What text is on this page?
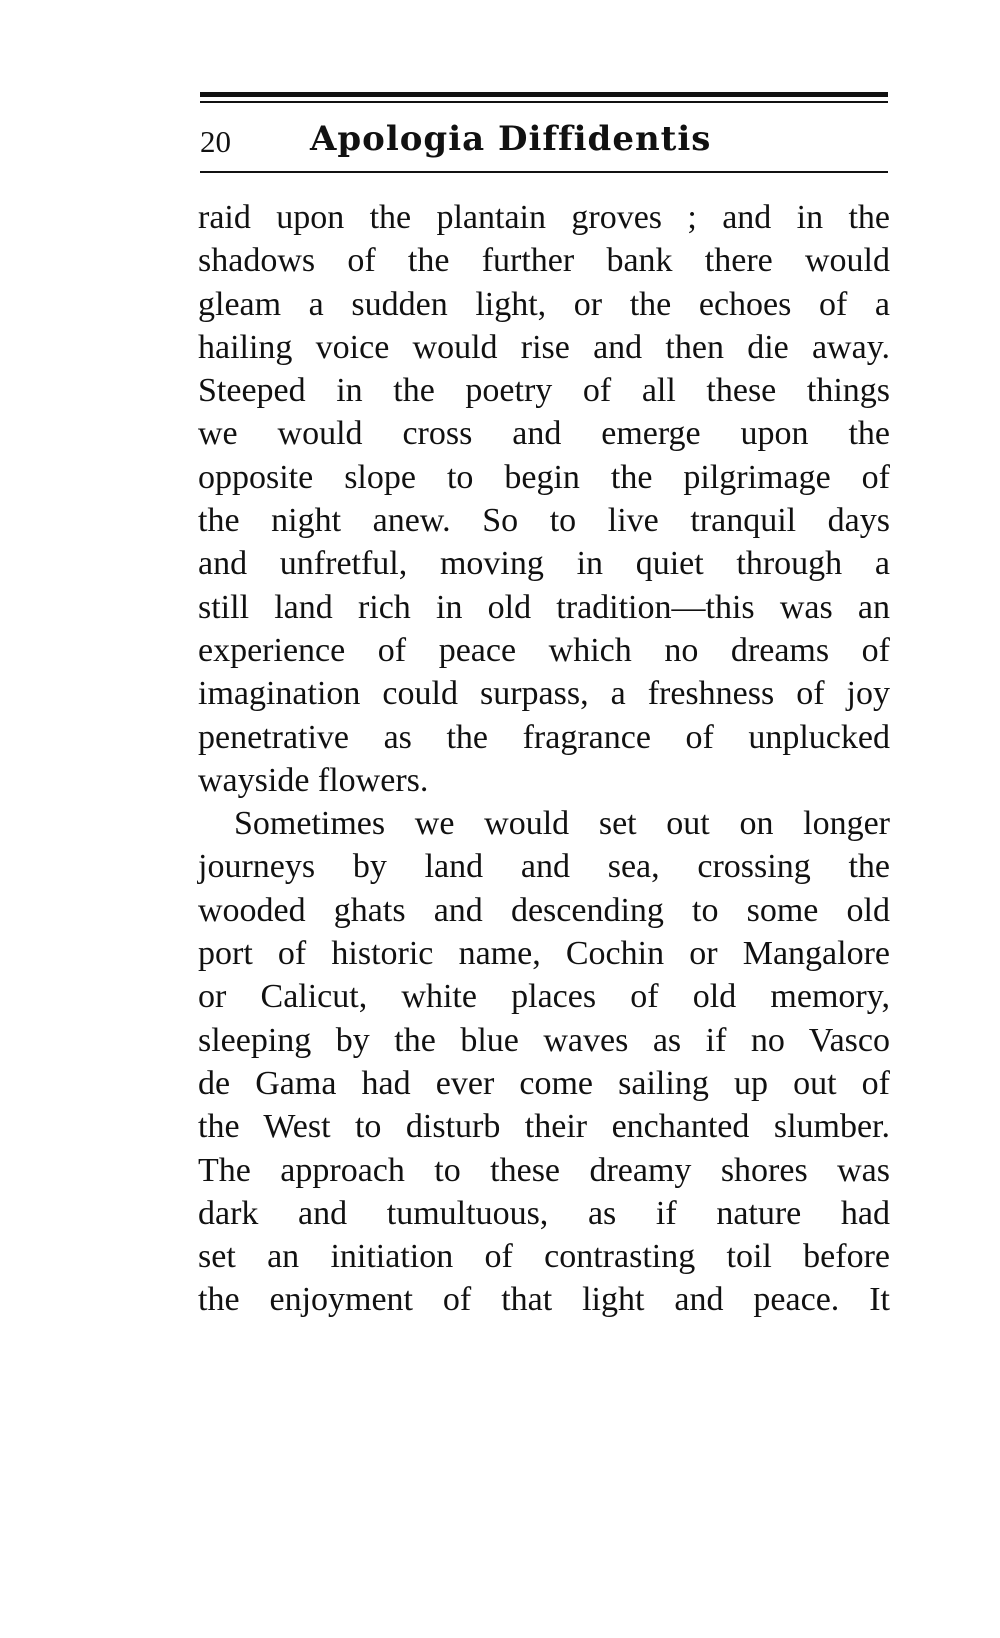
20 Apologia Diffidentis
raid upon the plantain groves ; and in the
shadows of the further bank there would
gleam a sudden light, or the echoes of a
hailing voice would rise and then die away.
Steeped in the poetry of all these things
we would cross and emerge upon the
opposite slope to begin the pilgrimage of
the night anew. So to live tranquil days
and unfretful, moving in quiet through a
still land rich in old tradition—this was an
experience of peace which no dreams of
imagination could surpass, a freshness of joy
penetrative as the fragrance of unplucked
wayside flowers.
Sometimes we would set out on longer
journeys by land and sea, crossing the
wooded ghats and descending to some old
port of historic name, Cochin or Mangalore
or Calicut, white places of old memory,
sleeping by the blue waves as if no Vasco
de Gama had ever come sailing up out of
the West to disturb their enchanted slumber.
The approach to these dreamy shores was
dark and tumultuous, as if nature had
set an initiation of contrasting toil before
the enjoyment of that light and peace. It
